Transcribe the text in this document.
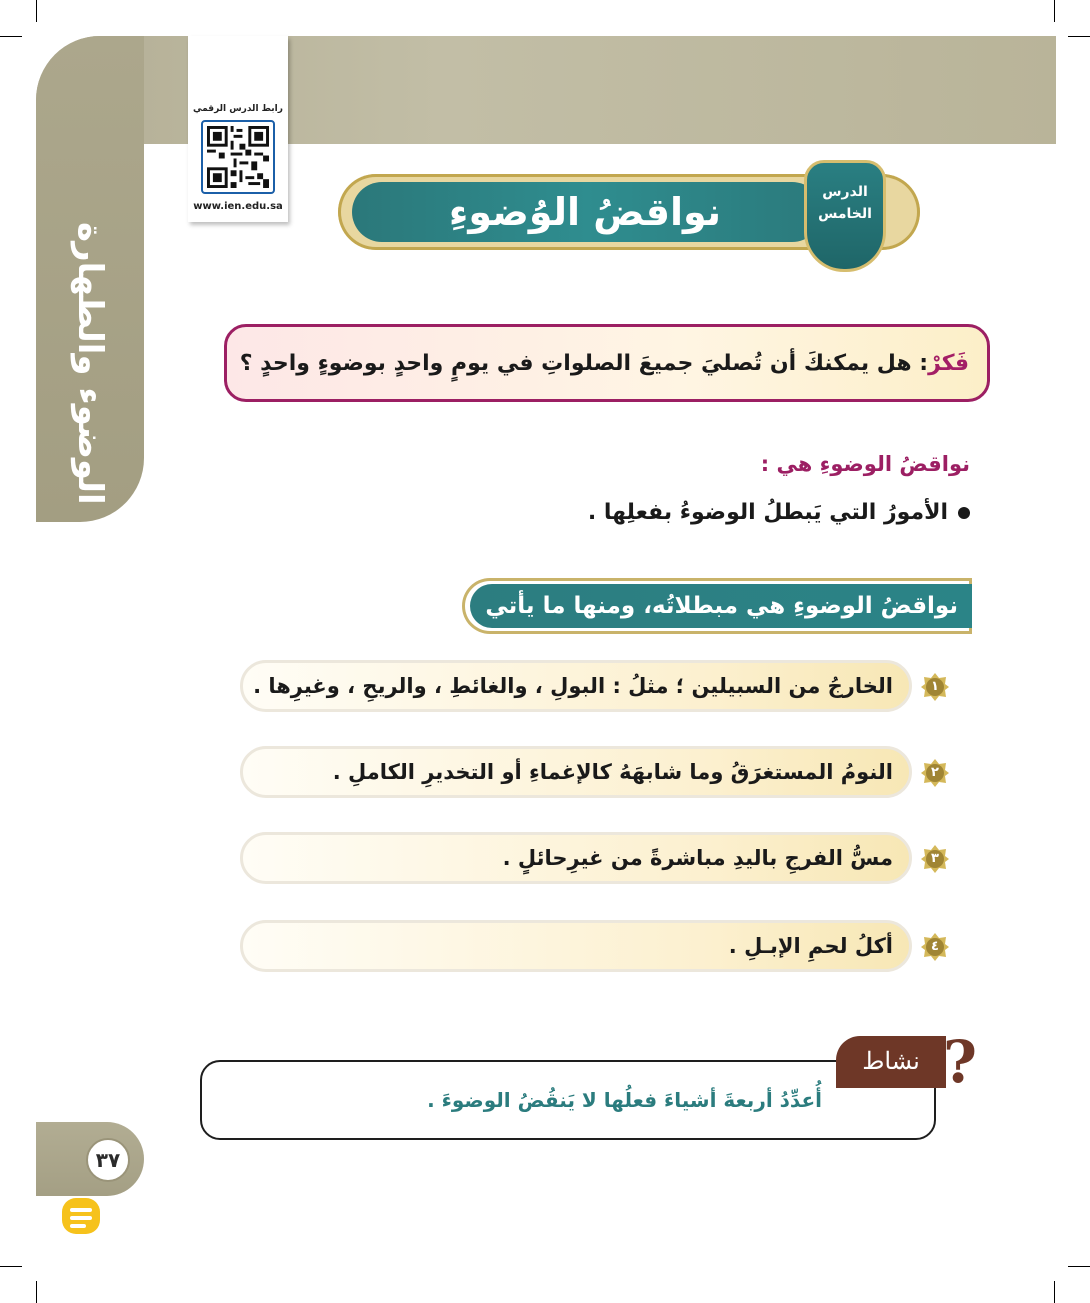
الوضوء والطهارة
رابط الدرس الرقمي
www.ien.edu.sa	نواقضُ الوُضوءِ	الدرس
الخامس
فَكرْ
: هل يمكنكَ أن تُصليَ جميعَ الصلواتِ في يومٍ واحدٍ بوضوءٍ واحدٍ ؟
نواقضُ الوضوءِ هي :
الأمورُ التي يَبطلُ الوضوءُ بفعلِها .
نواقضُ الوضوءِ هي مبطلاتُه، ومنها ما يأتي
١
الخارجُ من السبيلين ؛ مثلُ : البولِ ، والغائطِ ، والريحِ ، وغيرِها .
٢
النومُ المستغرَقُ وما شابهَهُ كالإغماءِ أو التخديرِ الكاملِ .
٣
مسُّ الفرجِ باليدِ مباشرةً من غيرِحائلٍ .
٤
أكلُ لحمِ الإبـلِ .
أُعدِّدُ أربعةَ أشياءَ فعلُها لا يَنقُضُ الوضوءَ .
نشاط ?
٣٧
